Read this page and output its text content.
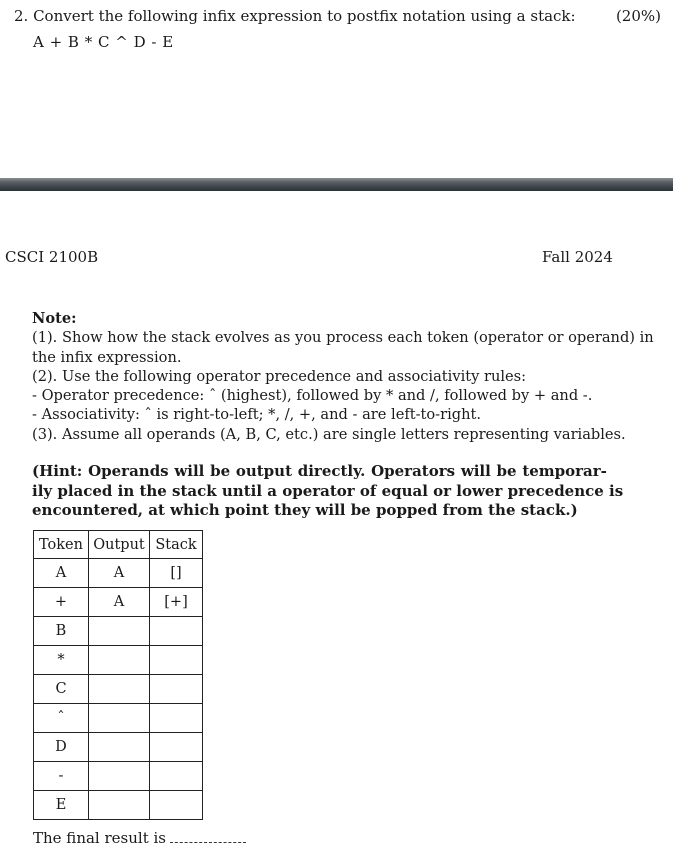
2. Convert the following infix expression to postfix notation using a stack:	(20%)
A + B * C ^ D - E
CSCI 2100B	Fall 2024
Note:
(1). Show how the stack evolves as you process each token (operator or operand) in
the infix expression.
(2). Use the following operator precedence and associativity rules:
- Operator precedence: ˆ (highest), followed by * and /, followed by + and -.
- Associativity: ˆ is right-to-left; *, /, +, and - are left-to-right.
(3). Assume all operands (A, B, C, etc.) are single letters representing variables.
(Hint: Operands will be output directly. Operators will be temporar-
ily placed in the stack until a operator of equal or lower precedence is
encountered, at which point they will be popped from the stack.)
Token	Output	Stack
A	A	[]
+	A	[+]
B		
*		
C		
ˆ		
D		
-		
E		
The final result is
